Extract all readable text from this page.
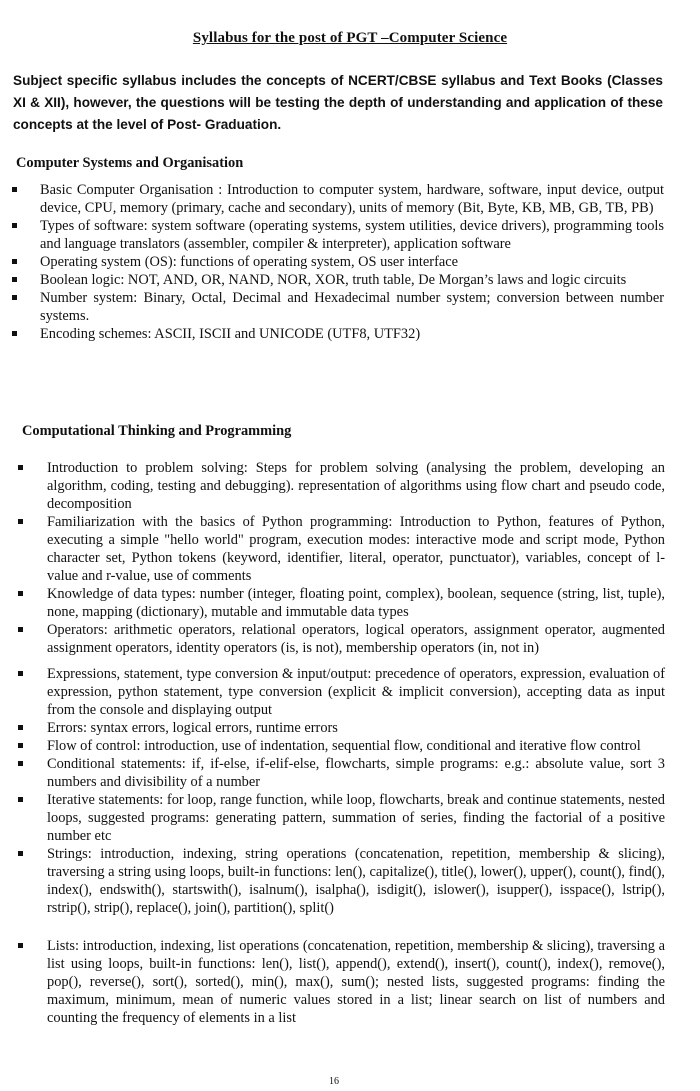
Syllabus for the post of PGT –Computer Science
Subject specific syllabus includes the concepts of NCERT/CBSE syllabus and Text Books (Classes XI & XII), however, the questions will be testing the depth of understanding and application of these concepts at the level of Post- Graduation.
Computer Systems and Organisation
Basic Computer Organisation : Introduction to computer system, hardware, software, input device, output device, CPU, memory (primary, cache and secondary), units of memory (Bit, Byte, KB, MB, GB, TB, PB)
Types of software: system software (operating systems, system utilities, device drivers), programming tools and language translators (assembler, compiler & interpreter), application software
Operating system (OS): functions of operating system, OS user interface
Boolean logic: NOT, AND, OR, NAND, NOR, XOR, truth table, De Morgan’s laws and logic circuits
Number system: Binary, Octal, Decimal and Hexadecimal number system; conversion between number systems.
Encoding schemes: ASCII, ISCII and UNICODE (UTF8, UTF32)
Computational Thinking and Programming
Introduction to problem solving: Steps for problem solving (analysing the problem, developing an algorithm, coding, testing and debugging). representation of algorithms using flow chart and pseudo code, decomposition
Familiarization with the basics of Python programming: Introduction to Python, features of Python, executing a simple "hello world" program, execution modes: interactive mode and script mode, Python character set, Python tokens (keyword, identifier, literal, operator, punctuator), variables, concept of l-value and r-value, use of comments
Knowledge of data types: number (integer, floating point, complex), boolean, sequence (string, list, tuple), none, mapping (dictionary), mutable and immutable data types
Operators: arithmetic operators, relational operators, logical operators, assignment operator, augmented assignment operators, identity operators (is, is not), membership operators (in, not in)
Expressions, statement, type conversion & input/output: precedence of operators, expression, evaluation of expression, python statement, type conversion (explicit & implicit conversion), accepting data as input from the console and displaying output
Errors: syntax errors, logical errors, runtime errors
Flow of control: introduction, use of indentation, sequential flow, conditional and iterative flow control
Conditional statements: if, if-else, if-elif-else, flowcharts, simple programs: e.g.: absolute value, sort 3 numbers and divisibility of a number
Iterative statements: for loop, range function, while loop, flowcharts, break and continue statements, nested loops, suggested programs: generating pattern, summation of series, finding the factorial of a positive number etc
Strings: introduction, indexing, string operations (concatenation, repetition, membership & slicing), traversing a string using loops, built-in functions: len(), capitalize(), title(), lower(), upper(), count(), find(), index(), endswith(), startswith(), isalnum(), isalpha(), isdigit(), islower(), isupper(), isspace(), lstrip(), rstrip(), strip(), replace(), join(), partition(), split()
Lists: introduction, indexing, list operations (concatenation, repetition, membership & slicing), traversing a list using loops, built-in functions: len(), list(), append(), extend(), insert(), count(), index(), remove(), pop(), reverse(), sort(), sorted(), min(), max(), sum(); nested lists, suggested programs: finding the maximum, minimum, mean of numeric values stored in a list; linear search on list of numbers and counting the frequency of elements in a list
16
